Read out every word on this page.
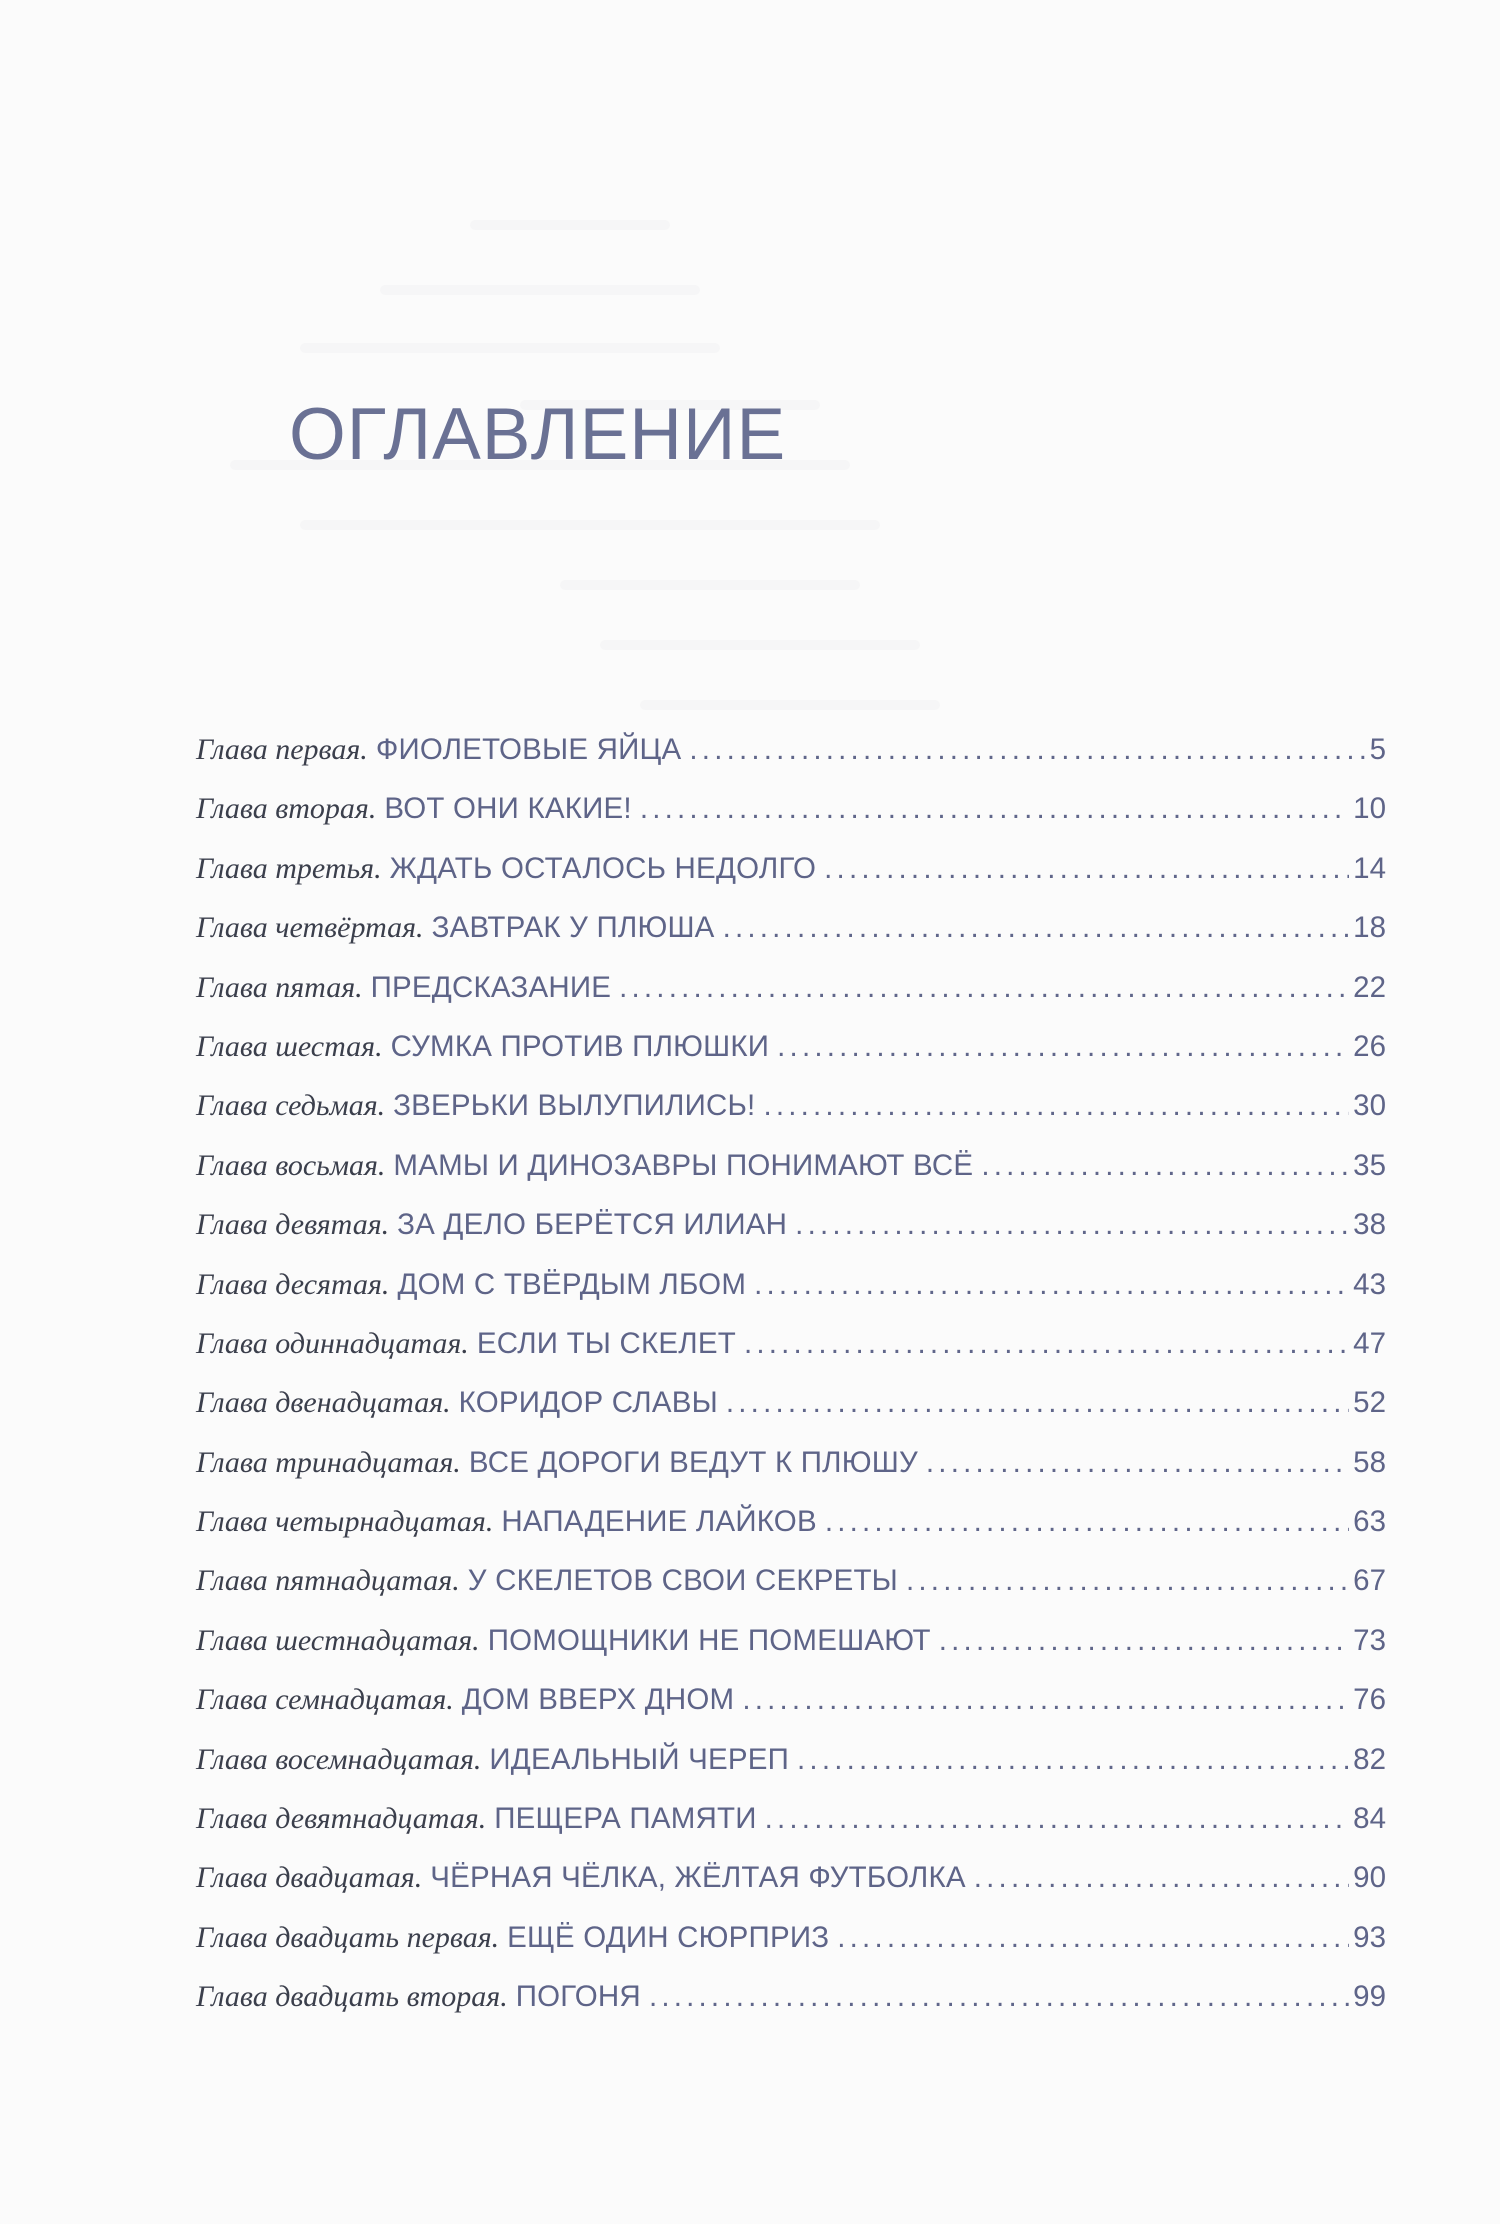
ОГЛАВЛЕНИЕ
Глава первая. ФИОЛЕТОВЫЕ ЯЙЦА .....	5
Глава вторая. ВОТ ОНИ КАКИЕ! .....	10
Глава третья. ЖДАТЬ ОСТАЛОСЬ НЕДОЛГО .....	14
Глава четвёртая. ЗАВТРАК У ПЛЮША .....	18
Глава пятая. ПРЕДСКАЗАНИЕ .....	22
Глава шестая. СУМКА ПРОТИВ ПЛЮШКИ .....	26
Глава седьмая. ЗВЕРЬКИ ВЫЛУПИЛИСЬ! .....	30
Глава восьмая. МАМЫ И ДИНОЗАВРЫ ПОНИМАЮТ ВСЁ .....	35
Глава девятая. ЗА ДЕЛО БЕРЁТСЯ ИЛИАН .....	38
Глава десятая. ДОМ С ТВЁРДЫМ ЛБОМ .....	43
Глава одиннадцатая. ЕСЛИ ТЫ СКЕЛЕТ .....	47
Глава двенадцатая. КОРИДОР СЛАВЫ .....	52
Глава тринадцатая. ВСЕ ДОРОГИ ВЕДУТ К ПЛЮШУ .....	58
Глава четырнадцатая. НАПАДЕНИЕ ЛАЙКОВ .....	63
Глава пятнадцатая. У СКЕЛЕТОВ СВОИ СЕКРЕТЫ .....	67
Глава шестнадцатая. ПОМОЩНИКИ НЕ ПОМЕШАЮТ .....	73
Глава семнадцатая. ДОМ ВВЕРХ ДНОМ .....	76
Глава восемнадцатая. ИДЕАЛЬНЫЙ ЧЕРЕП .....	82
Глава девятнадцатая. ПЕЩЕРА ПАМЯТИ .....	84
Глава двадцатая. ЧЁРНАЯ ЧЁЛКА, ЖЁЛТАЯ ФУТБОЛКА .....	90
Глава двадцать первая. ЕЩЁ ОДИН СЮРПРИЗ .....	93
Глава двадцать вторая. ПОГОНЯ .....	99
